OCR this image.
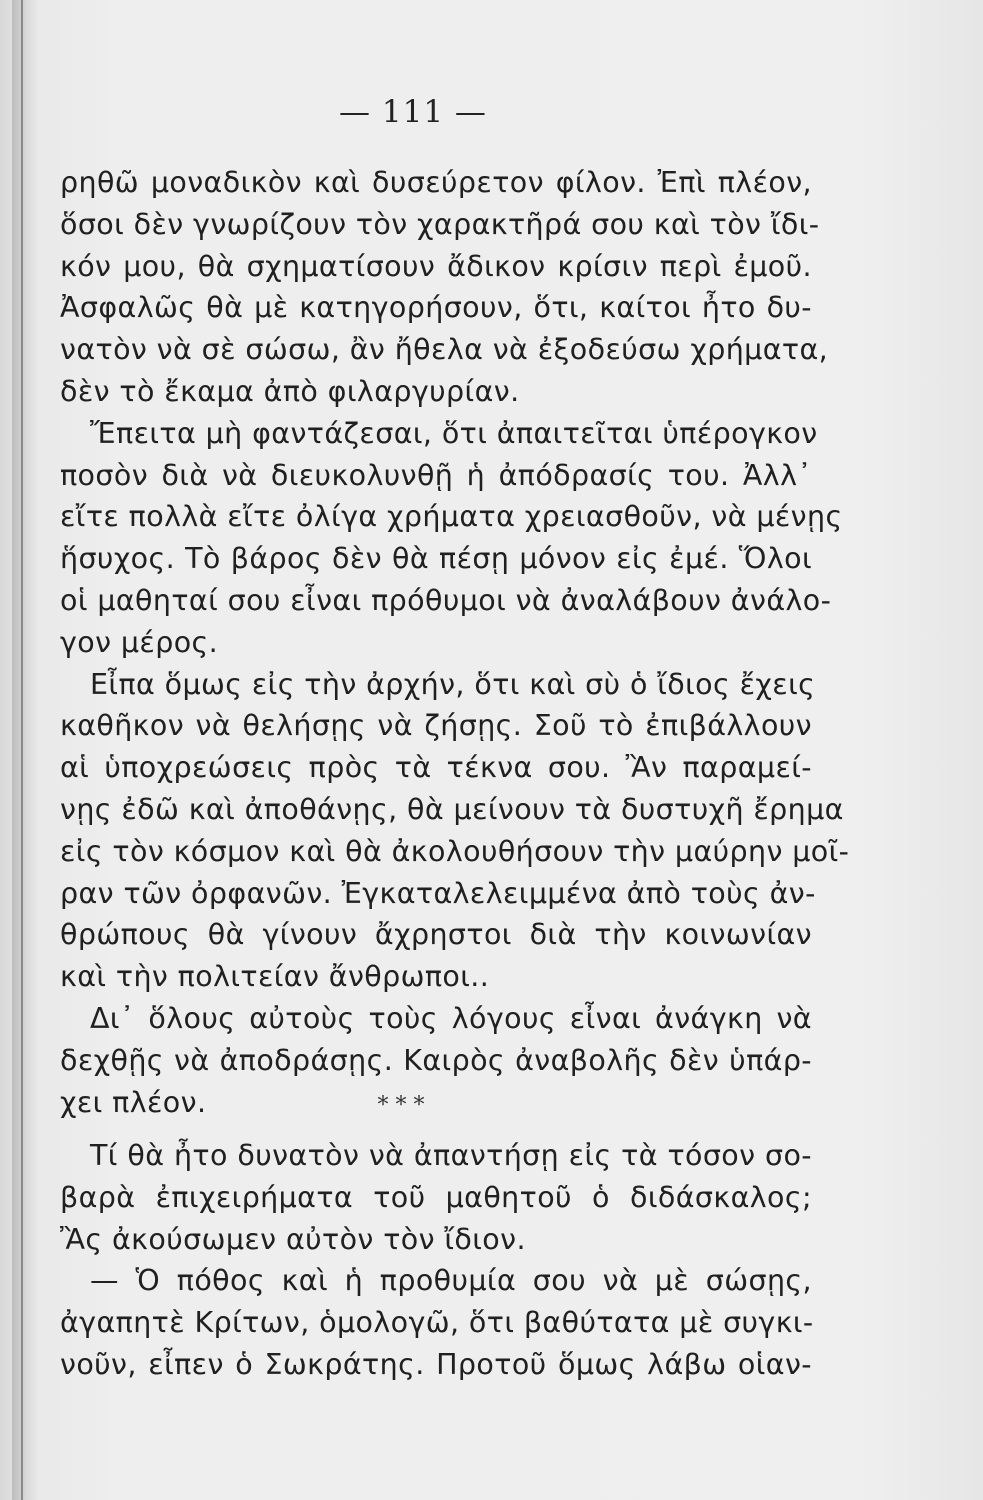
— 111 —
ρηθῶ μοναδικὸν καὶ δυσεύρετον φίλον. Ἐπὶ πλέον,
ὅσοι δὲν γνωρίζουν τὸν χαρακτῆρά σου καὶ τὸν ἴδι-
κόν μου, θὰ σχηματίσουν ἄδικον κρίσιν περὶ ἐμοῦ.
Ἀσφαλῶς θὰ μὲ κατηγορήσουν, ὅτι, καίτοι ἦτο δυ-
νατὸν νὰ σὲ σώσω, ἂν ἤθελα νὰ ἐξοδεύσω χρήματα,
δὲν τὸ ἔκαμα ἀπὸ φιλαργυρίαν.
Ἔπειτα μὴ φαντάζεσαι, ὅτι ἀπαιτεῖται ὑπέρογκον
ποσὸν διὰ νὰ διευκολυνθῇ ἡ ἀπόδρασίς του. Ἀλλ᾽
εἴτε πολλὰ εἴτε ὀλίγα χρήματα χρειασθοῦν, νὰ μένῃς
ἥσυχος. Τὸ βάρος δὲν θὰ πέσῃ μόνον εἰς ἐμέ. Ὅλοι
οἱ μαθηταί σου εἶναι πρόθυμοι νὰ ἀναλάβουν ἀνάλο-
γον μέρος.
Εἶπα ὅμως εἰς τὴν ἀρχήν, ὅτι καὶ σὺ ὁ ἴδιος ἔχεις
καθῆκον νὰ θελήσῃς νὰ ζήσῃς. Σοῦ τὸ ἐπιβάλλουν
αἱ ὑποχρεώσεις πρὸς τὰ τέκνα σου. Ἂν παραμεί-
νῃς ἐδῶ καὶ ἀποθάνῃς, θὰ μείνουν τὰ δυστυχῆ ἔρημα
εἰς τὸν κόσμον καὶ θὰ ἀκολουθήσουν τὴν μαύρην μοῖ-
ραν τῶν ὀρφανῶν. Ἐγκαταλελειμμένα ἀπὸ τοὺς ἀν-
θρώπους θὰ γίνουν ἄχρηστοι διὰ τὴν κοινωνίαν
καὶ τὴν πολιτείαν ἄνθρωποι..
Δι᾽ ὅλους αὐτοὺς τοὺς λόγους εἶναι ἀνάγκη νὰ
δεχθῇς νὰ ἀποδράσῃς. Καιρὸς ἀναβολῆς δὲν ὑπάρ-
χει πλέον.	* * *
Τί θὰ ἦτο δυνατὸν νὰ ἀπαντήσῃ εἰς τὰ τόσον σο-
βαρὰ ἐπιχειρήματα τοῦ μαθητοῦ ὁ διδάσκαλος;
Ἂς ἀκούσωμεν αὐτὸν τὸν ἴδιον.
— Ὁ πόθος καὶ ἡ προθυμία σου νὰ μὲ σώσῃς,
ἀγαπητὲ Κρίτων, ὁμολογῶ, ὅτι βαθύτατα μὲ συγκι-
νοῦν, εἶπεν ὁ Σωκράτης. Προτοῦ ὅμως λάβω οἱαν-
